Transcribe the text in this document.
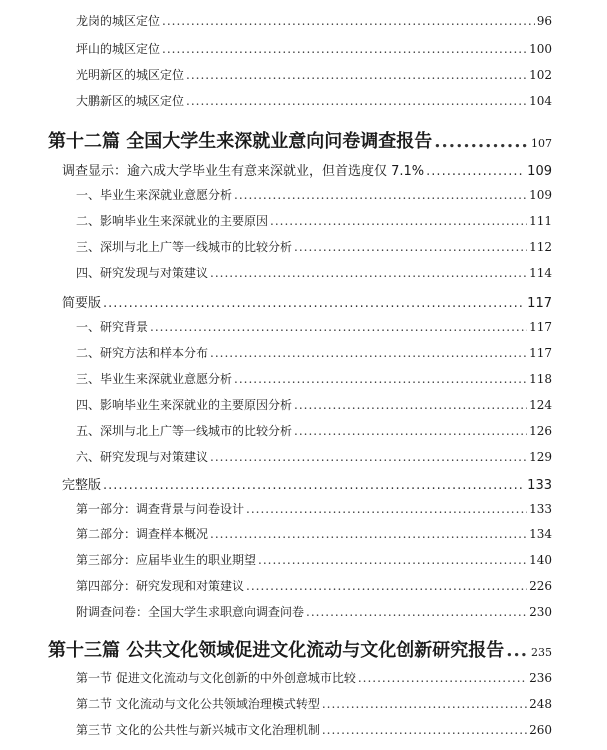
龙岗的城区定位 .....	96
坪山的城区定位 .....	100
光明新区的城区定位 .....	102
大鹏新区的城区定位 .....	104
第十二篇 全国大学生来深就业意向问卷调查报告 .....	107
调查显示：逾六成大学毕业生有意来深就业，但首选度仅 7.1% .....	109
一、毕业生来深就业意愿分析 .....	109
二、影响毕业生来深就业的主要原因 .....	111
三、深圳与北上广等一线城市的比较分析 .....	112
四、研究发现与对策建议 .....	114
简要版 .....	117
一、研究背景 .....	117
二、研究方法和样本分布 .....	117
三、毕业生来深就业意愿分析 .....	118
四、影响毕业生来深就业的主要原因分析 .....	124
五、深圳与北上广等一线城市的比较分析 .....	126
六、研究发现与对策建议 .....	129
完整版 .....	133
第一部分：调查背景与问卷设计 .....	133
第二部分：调查样本概况 .....	134
第三部分：应届毕业生的职业期望 .....	140
第四部分：研究发现和对策建议 .....	226
附调查问卷：全国大学生求职意向调查问卷 .....	230
第十三篇 公共文化领域促进文化流动与文化创新研究报告 ..... 235
第一节 促进文化流动与文化创新的中外创意城市比较 .....	236
第二节 文化流动与文化公共领域治理模式转型 .....	248
第三节 文化的公共性与新兴城市文化治理机制 .....	260
